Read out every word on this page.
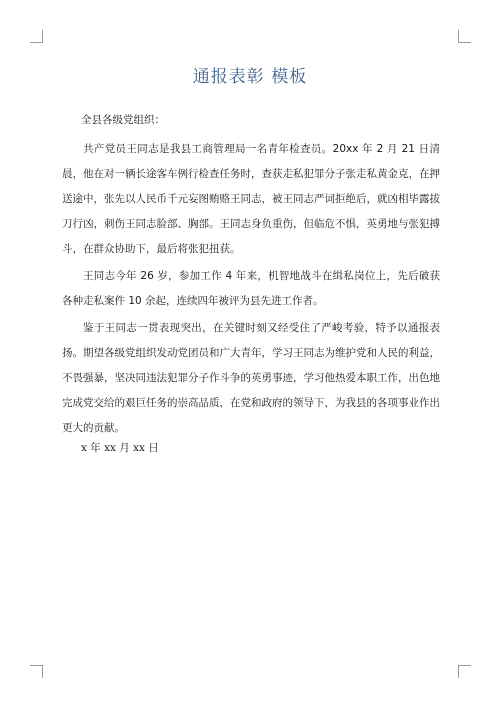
通报表彰 模板
全县各级党组织：

共产党员王同志是我县工商管理局一名青年检查员。20xx 年 2 月 21 日清晨，他在对一辆长途客车例行检查任务时，查获走私犯罪分子张走私黄金克，在押送途中，张先以人民币千元妄图贿赂王同志，被王同志严词拒绝后，就凶相毕露拔刀行凶，刺伤王同志脸部、胸部。王同志身负重伤，但临危不惧，英勇地与张犯搏斗，在群众协助下，最后将张犯扭获。

王同志今年 26 岁，参加工作 4 年来，机智地战斗在缉私岗位上，先后破获各种走私案件 10 余起，连续四年被评为县先进工作者。

鉴于王同志一贯表现突出，在关键时刻又经受住了严峻考验，特予以通报表扬。期望各级党组织发动党团员和广大青年，学习王同志为维护党和人民的利益，不畏强暴，坚决同违法犯罪分子作斗争的英勇事迹，学习他热爱本职工作，出色地完成党交给的艰巨任务的崇高品质，在党和政府的领导下，为我县的各项事业作出更大的贡献。

x 年 xx 月 xx 日
